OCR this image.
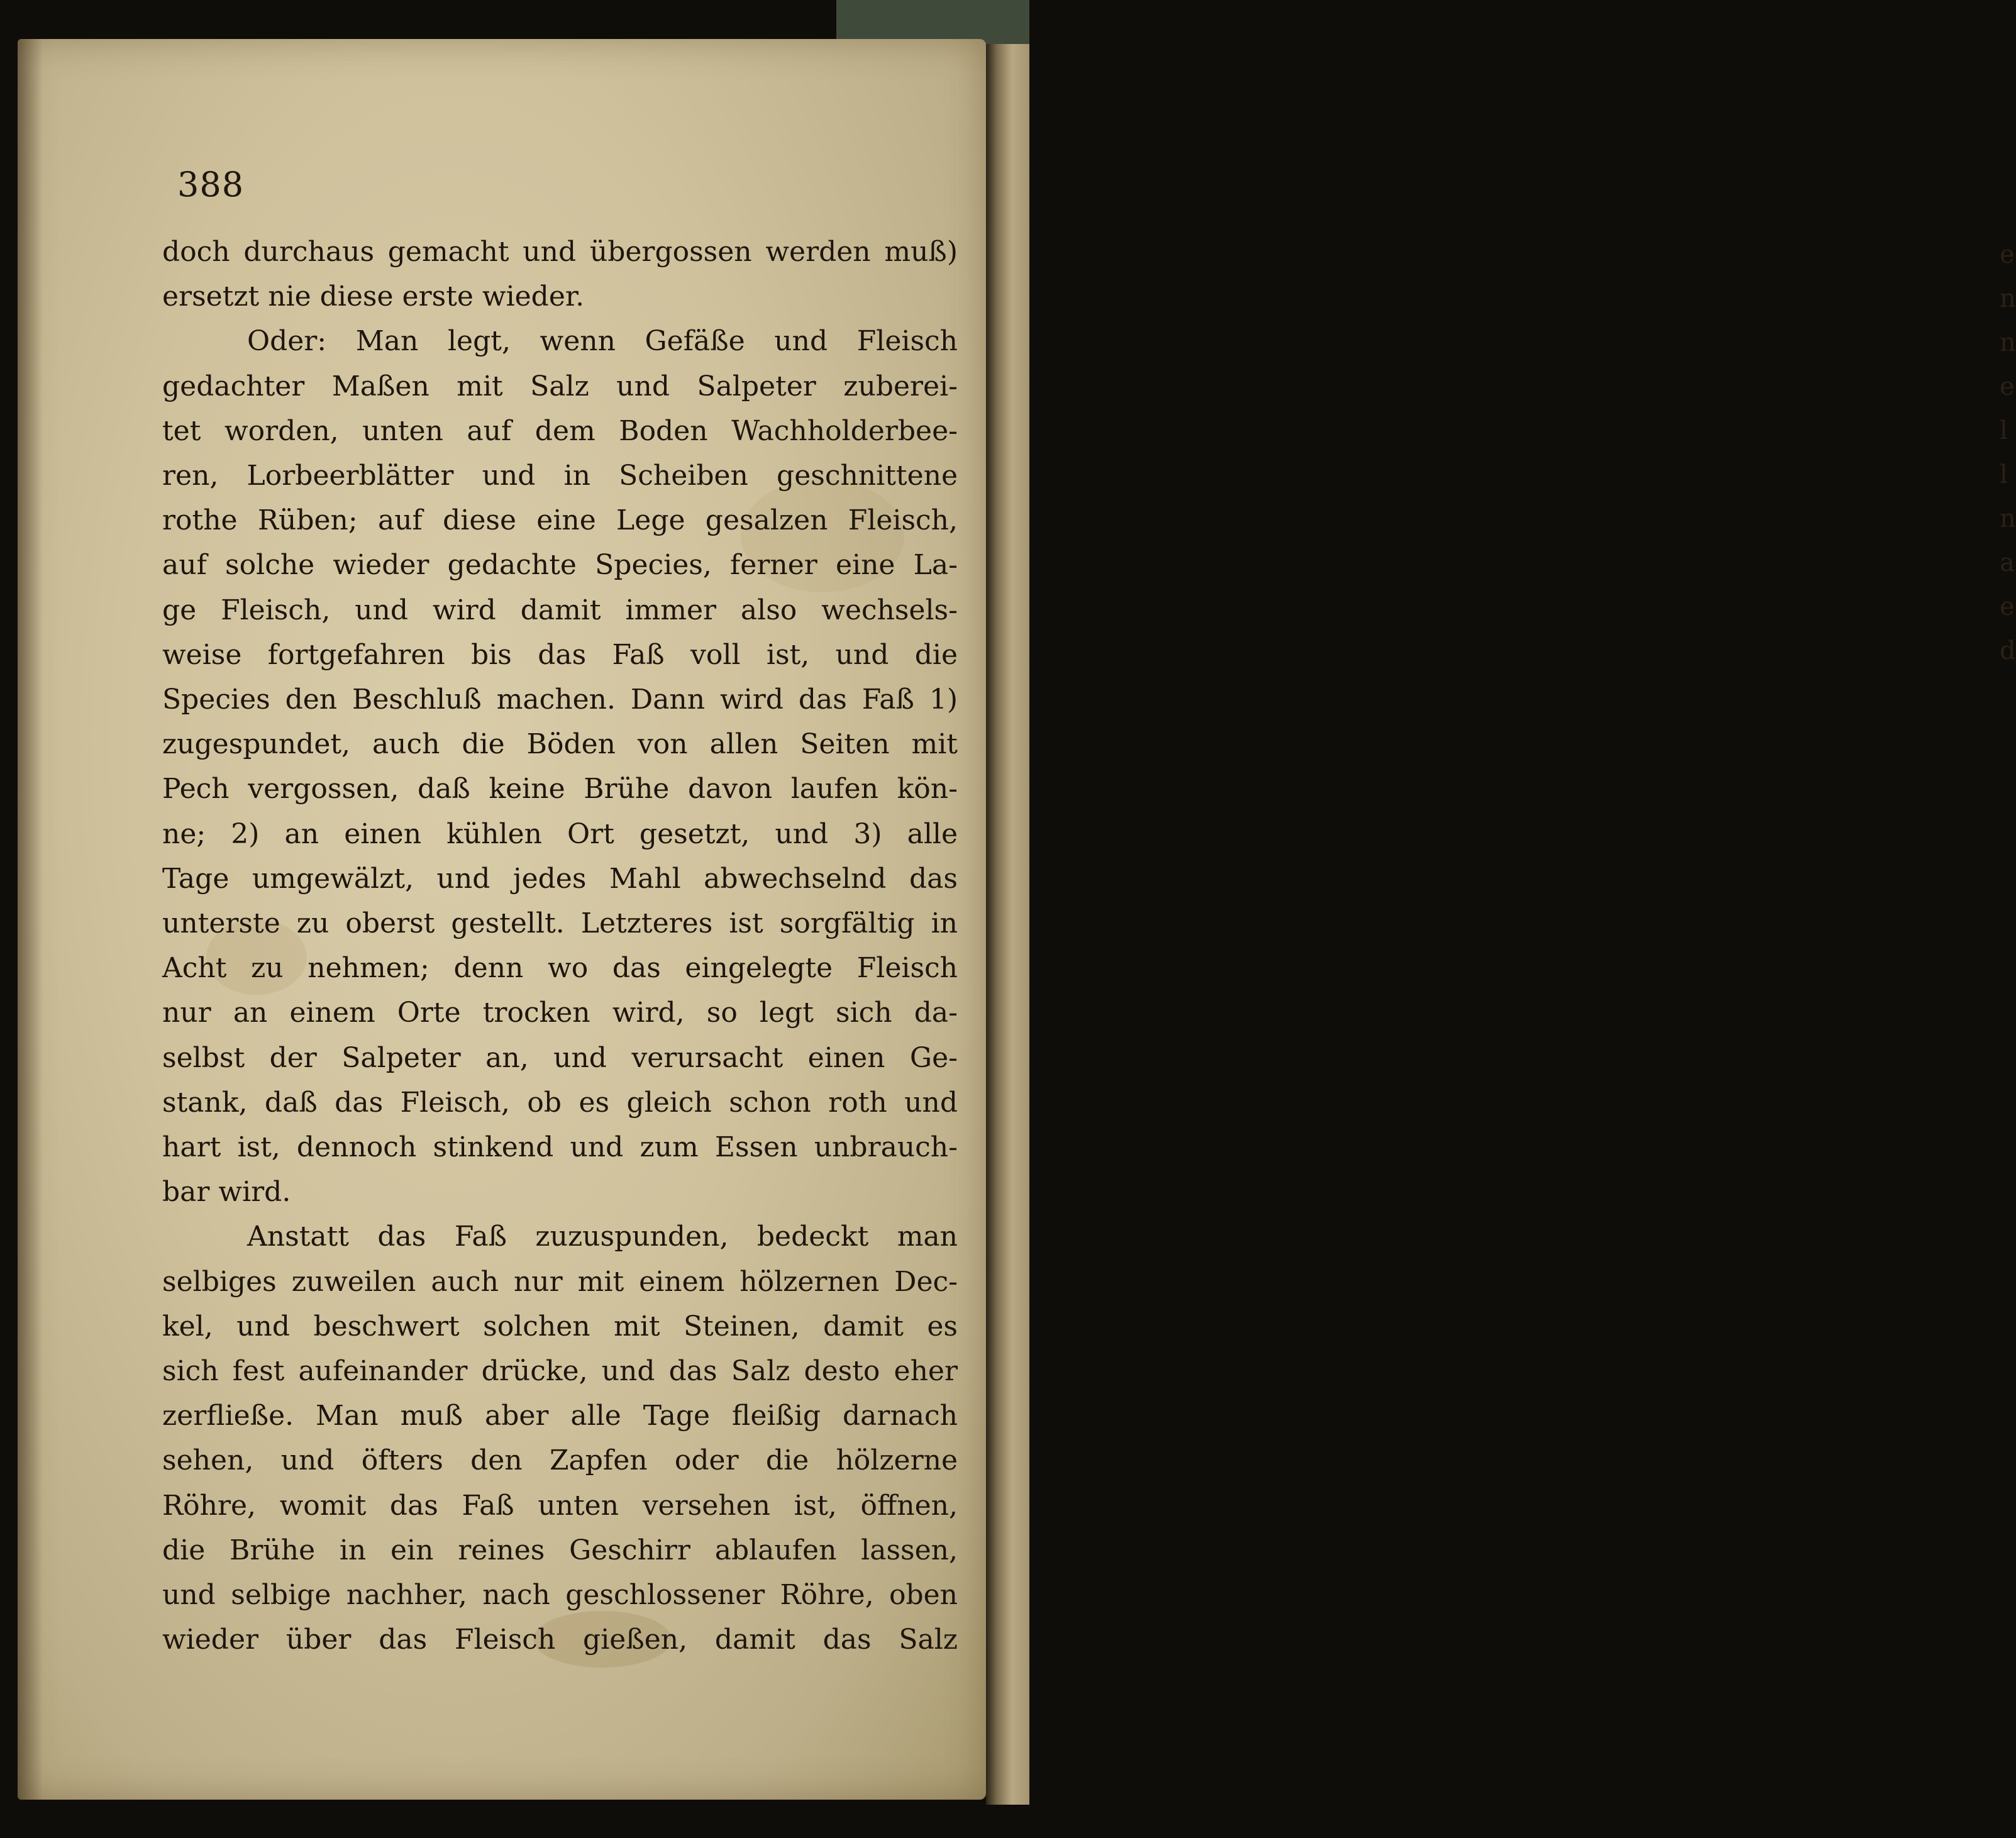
e
n
n
e
l
l
n
a
e
d
388
doch durchaus gemacht und übergossen werden muß)
ersetzt nie diese erste wieder.
Oder: Man legt, wenn Gefäße und Fleisch
gedachter Maßen mit Salz und Salpeter zuberei-
tet worden, unten auf dem Boden Wachholderbee-
ren, Lorbeerblätter und in Scheiben geschnittene
rothe Rüben; auf diese eine Lege gesalzen Fleisch,
auf solche wieder gedachte Species, ferner eine La-
ge Fleisch, und wird damit immer also wechsels-
weise fortgefahren bis das Faß voll ist, und die
Species den Beschluß machen. Dann wird das Faß 1)
zugespundet, auch die Böden von allen Seiten mit
Pech vergossen, daß keine Brühe davon laufen kön-
ne; 2) an einen kühlen Ort gesetzt, und 3) alle
Tage umgewälzt, und jedes Mahl abwechselnd das
unterste zu oberst gestellt. Letzteres ist sorgfältig in
Acht zu nehmen; denn wo das eingelegte Fleisch
nur an einem Orte trocken wird, so legt sich da-
selbst der Salpeter an, und verursacht einen Ge-
stank, daß das Fleisch, ob es gleich schon roth und
hart ist, dennoch stinkend und zum Essen unbrauch-
bar wird.
Anstatt das Faß zuzuspunden, bedeckt man
selbiges zuweilen auch nur mit einem hölzernen Dec-
kel, und beschwert solchen mit Steinen, damit es
sich fest aufeinander drücke, und das Salz desto eher
zerfließe. Man muß aber alle Tage fleißig darnach
sehen, und öfters den Zapfen oder die hölzerne
Röhre, womit das Faß unten versehen ist, öffnen,
die Brühe in ein reines Geschirr ablaufen lassen,
und selbige nachher, nach geschlossener Röhre, oben
wieder über das Fleisch gießen, damit das Salz
